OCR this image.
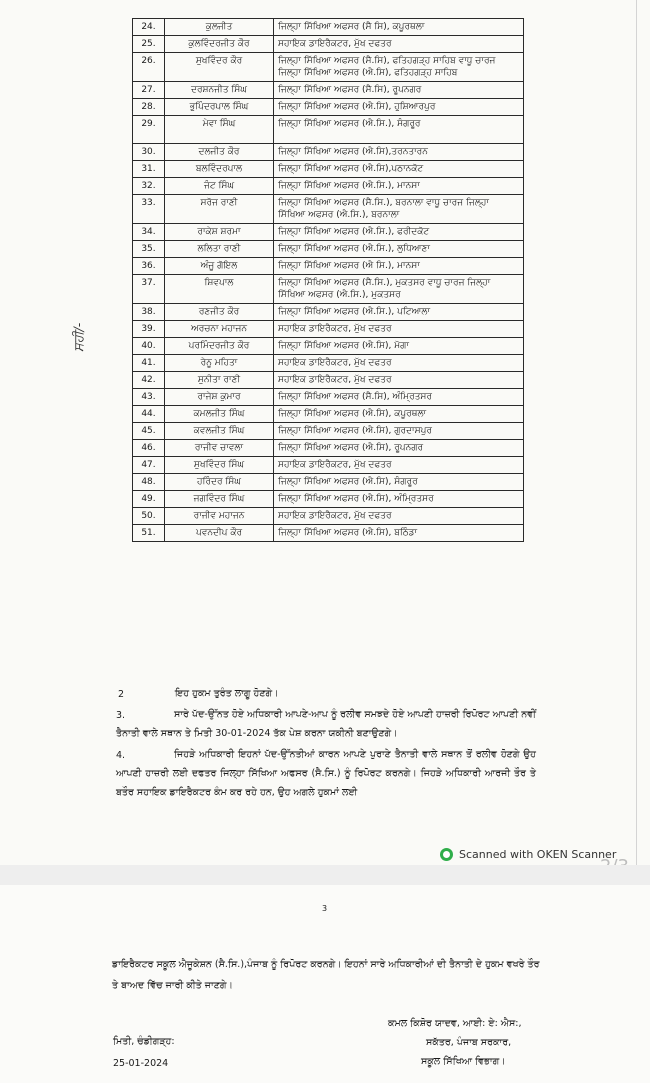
24.	ਕੁਲਜੀਤ	ਜਿਲ੍ਹਾ ਸਿੱਖਿਆ ਅਫਸਰ (ਸੈ ਸਿ), ਕਪੂਰਥਲਾ
25.	ਕੁਲਵਿੰਦਰਜੀਤ ਕੌਰ	ਸਹਾਇਕ ਡਾਇਰੈਕਟਰ, ਮੁੱਖ ਦਫਤਰ
26.	ਸੁਖਵਿੰਦਰ ਕੌਰ	ਜਿਲ੍ਹਾ ਸਿੱਖਿਆ ਅਫਸਰ (ਸੈ.ਸਿ), ਫਤਿਹਗੜ੍ਹ ਸਾਹਿਬ ਵਾਧੂ ਚਾਰਜ ਜਿਲ੍ਹਾ ਸਿੱਖਿਆ ਅਫਸਰ (ਐ.ਸਿ), ਫਤਿਹਗੜ੍ਹ ਸਾਹਿਬ
27.	ਦਰਸ਼ਨਜੀਤ ਸਿੰਘ	ਜਿਲ੍ਹਾ ਸਿੱਖਿਆ ਅਫਸਰ (ਸੈ.ਸਿ), ਰੂਪਨਗਰ
28.	ਭੁਪਿੰਦਰਪਾਲ ਸਿੰਘ	ਜਿਲ੍ਹਾ ਸਿੱਖਿਆ ਅਫਸਰ (ਐ.ਸਿ), ਹੁਸ਼ਿਆਰਪੁਰ
29.	ਮੇਵਾ ਸਿੰਘ	ਜਿਲ੍ਹਾ ਸਿੱਖਿਆ ਅਫਸਰ (ਐ.ਸਿ.), ਸੰਗਰੂਰ
30.	ਦਲਜੀਤ ਕੌਰ	ਜਿਲ੍ਹਾ ਸਿੱਖਿਆ ਅਫਸਰ (ਐ.ਸਿ),ਤਰਨਤਾਰਨ
31.	ਬਲਵਿੰਦਰਪਾਲ	ਜਿਲ੍ਹਾ ਸਿੱਖਿਆ ਅਫਸਰ (ਐ.ਸਿ),ਪਠਾਨਕੋਟ
32.	ਜੰਟ ਸਿੰਘ	ਜਿਲ੍ਹਾ ਸਿੱਖਿਆ ਅਫਸਰ (ਐ.ਸਿ.), ਮਾਨਸਾ
33.	ਸਰੋਜ ਰਾਣੀ	ਜਿਲ੍ਹਾ ਸਿੱਖਿਆ ਅਫਸਰ (ਸੈ.ਸਿ.), ਬਰਨਾਲਾ ਵਾਧੂ ਚਾਰਜ ਜਿਲ੍ਹਾ ਸਿੱਖਿਆ ਅਫਸਰ (ਐ.ਸਿ.), ਬਰਨਾਲਾ
34.	ਰਾਕੇਸ਼ ਸ਼ਰਮਾ	ਜਿਲ੍ਹਾ ਸਿੱਖਿਆ ਅਫਸਰ (ਐ.ਸਿ.), ਫਰੀਦਕੋਟ
35.	ਲਲਿਤਾ ਰਾਣੀ	ਜਿਲ੍ਹਾ ਸਿੱਖਿਆ ਅਫਸਰ (ਐ.ਸਿ.), ਲੁਧਿਆਣਾ
36.	ਅੰਜੂ ਗੋਇਲ	ਜਿਲ੍ਹਾ ਸਿੱਖਿਆ ਅਫਸਰ (ਐ ਸਿ.), ਮਾਨਸਾ
37.	ਸ਼ਿਵਪਾਲ	ਜਿਲ੍ਹਾ ਸਿੱਖਿਆ ਅਫਸਰ (ਸੈ.ਸਿ.), ਮੁਕਤਸਰ ਵਾਧੂ ਚਾਰਜ ਜਿਲ੍ਹਾ ਸਿੱਖਿਆ ਅਫਸਰ (ਐ.ਸਿ.), ਮੁਕਤਸਰ
38.	ਰਣਜੀਤ ਕੌਰ	ਜਿਲ੍ਹਾ ਸਿੱਖਿਆ ਅਫਸਰ (ਐ.ਸਿ.), ਪਟਿਆਲਾ
39.	ਅਰਚਨਾ ਮਹਾਜਨ	ਸਹਾਇਕ ਡਾਇਰੈਕਟਰ, ਮੁੱਖ ਦਫਤਰ
40.	ਪਰਮਿੰਦਰਜੀਤ ਕੌਰ	ਜਿਲ੍ਹਾ ਸਿੱਖਿਆ ਅਫਸਰ (ਐ.ਸਿ), ਮੋਗਾ
41.	ਰੇਨੂ ਮਹਿਤਾ	ਸਹਾਇਕ ਡਾਇਰੈਕਟਰ, ਮੁੱਖ ਦਫਤਰ
42.	ਸੁਨੀਤਾ ਰਾਣੀ	ਸਹਾਇਕ ਡਾਇਰੈਕਟਰ, ਮੁੱਖ ਦਫਤਰ
43.	ਰਾਜੇਸ਼ ਕੁਮਾਰ	ਜਿਲ੍ਹਾ ਸਿੱਖਿਆ ਅਫਸਰ (ਸੈ.ਸਿ), ਅੰਮ੍ਰਿਤਸਰ
44.	ਕਮਲਜੀਤ ਸਿੰਘ	ਜਿਲ੍ਹਾ ਸਿੱਖਿਆ ਅਫਸਰ (ਐ.ਸਿ), ਕਪੂਰਥਲਾ
45.	ਕਵਲਜੀਤ ਸਿੰਘ	ਜਿਲ੍ਹਾ ਸਿੱਖਿਆ ਅਫਸਰ (ਐ.ਸਿ), ਗੁਰਦਾਸਪੁਰ
46.	ਰਾਜੀਵ ਚਾਵਲਾ	ਜਿਲ੍ਹਾ ਸਿੱਖਿਆ ਅਫਸਰ (ਐ.ਸਿ), ਰੂਪਨਗਰ
47.	ਸੁਖਵਿੰਦਰ ਸਿੰਘ	ਸਹਾਇਕ ਡਾਇਰੈਕਟਰ, ਮੁੱਖ ਦਫਤਰ
48.	ਹਰਿੰਦਰ ਸਿੰਘ	ਜਿਲ੍ਹਾ ਸਿੱਖਿਆ ਅਫਸਰ (ਐ.ਸਿ), ਸੰਗਰੂਰ
49.	ਜਗਵਿੰਦਰ ਸਿੰਘ	ਜਿਲ੍ਹਾ ਸਿੱਖਿਆ ਅਫਸਰ (ਐ.ਸਿ), ਅੰਮ੍ਰਿਤਸਰ
50.	ਰਾਜੀਵ ਮਹਾਜਨ	ਸਹਾਇਕ ਡਾਇਰੈਕਟਰ, ਮੁੱਖ ਦਫਤਰ
51.	ਪਵਨਦੀਪ ਕੌਰ	ਜਿਲ੍ਹਾ ਸਿੱਖਿਆ ਅਫਸਰ (ਐ.ਸਿ), ਬਠਿੰਡਾ
ਸਹੀ/-
2	ਇਹ ਹੁਕਮ ਤੁਰੰਤ ਲਾਗੂ ਹੋਣਗੇ।
3.	ਸਾਰੇ ਪੱਦ-ਉੱਨਤ ਹੋਏ ਅਧਿਕਾਰੀ ਆਪਣੇ-ਆਪ ਨੂੰ ਰਲੀਵ ਸਮਝਦੇ ਹੋਏ ਆਪਣੀ ਹਾਜ਼ਰੀ ਰਿਪੋਰਟ ਆਪਣੀ ਨਵੀਂ ਤੈਨਾਤੀ ਵਾਲੇ ਸਥਾਨ ਤੇ ਮਿਤੀ 30-01-2024 ਤੱਕ ਪੇਸ਼ ਕਰਨਾ ਯਕੀਨੀ ਬਣਾਉਣਗੇ।
4.	ਜਿਹੜੇ ਅਧਿਕਾਰੀ ਇਹਨਾਂ ਪੱਦ-ਉੱਨਤੀਆਂ ਕਾਰਨ ਆਪਣੇ ਪੁਰਾਣੇ ਤੈਨਾਤੀ ਵਾਲੇ ਸਥਾਨ ਤੋਂ ਰਲੀਵ ਹੋਣਗੇ ਉਹ ਆਪਣੀ ਹਾਜ਼ਰੀ ਲਈ ਦਫਤਰ ਜਿਲ੍ਹਾ ਸਿੱਖਿਆ ਅਫਸਰ (ਸੈ.ਸਿ.) ਨੂੰ ਰਿਪੋਰਟ ਕਰਨਗੇ। ਜਿਹੜੇ ਅਧਿਕਾਰੀ ਆਰਜੀ ਤੌਰ ਤੇ ਬਤੌਰ ਸਹਾਇਕ ਡਾਇਰੈਕਟਰ ਕੰਮ ਕਰ ਰਹੇ ਹਨ, ਉਹ ਅਗਲੇ ਹੁਕਮਾਂ ਲਈ
Scanned with OKEN Scanner
3
ਡਾਇਰੈਕਟਰ ਸਕੂਲ ਐਜੂਕੇਸ਼ਨ (ਸੈ.ਸਿ.),ਪੰਜਾਬ ਨੂੰ ਰਿਪੋਰਟ ਕਰਨਗੇ। ਇਹਨਾਂ ਸਾਰੇ ਅਧਿਕਾਰੀਆਂ ਦੀ ਤੈਨਾਤੀ ਦੇ ਹੁਕਮ ਵਖਰੇ ਤੌਰ ਤੇ ਬਾਅਦ ਵਿੱਚ ਜਾਰੀ ਕੀਤੇ ਜਾਣਗੇ।
ਕਮਲ ਕਿਸ਼ੋਰ ਯਾਦਵ, ਆਈ: ਏ: ਐਸ:,
ਸਕੱਤਰ, ਪੰਜਾਬ ਸਰਕਾਰ,
ਸਕੂਲ ਸਿੱਖਿਆ ਵਿਭਾਗ।
ਮਿਤੀ, ਚੰਡੀਗੜ੍ਹ:
25-01-2024
